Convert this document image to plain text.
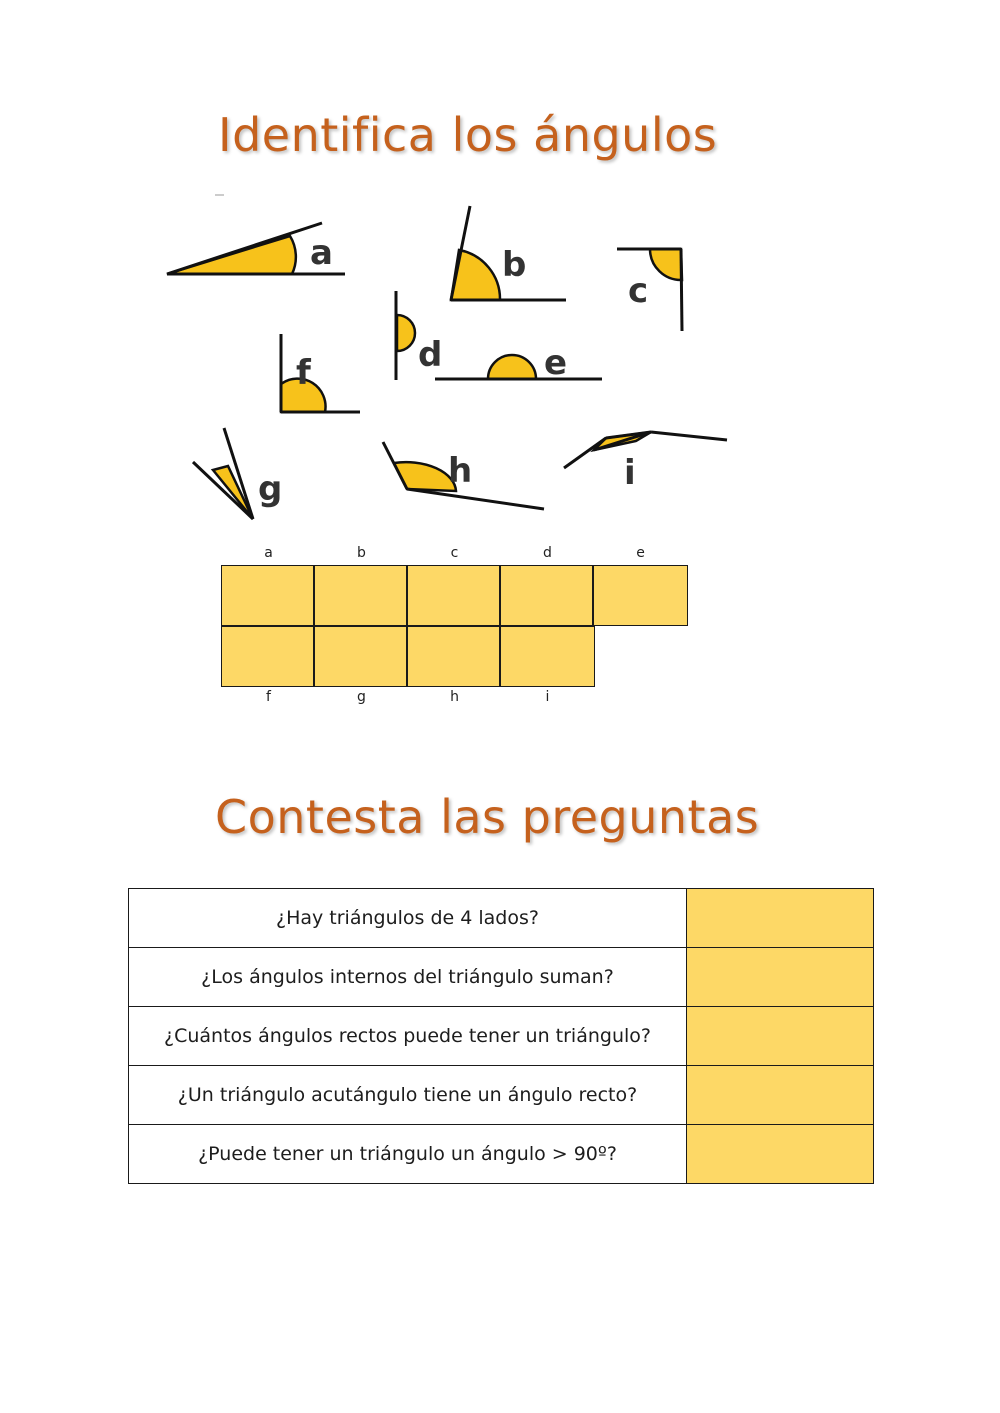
Identifica los ángulos
a	b
c
d	e
f
g	h	i
a	b	c	d	e
f	g	h	i
Contesta las preguntas
¿Hay triángulos de 4 lados?	
¿Los ángulos internos del triángulo suman?	
¿Cuántos ángulos rectos puede tener un triángulo?	
¿Un triángulo acutángulo tiene un ángulo recto?	
¿Puede tener un triángulo un ángulo > 90º?	
